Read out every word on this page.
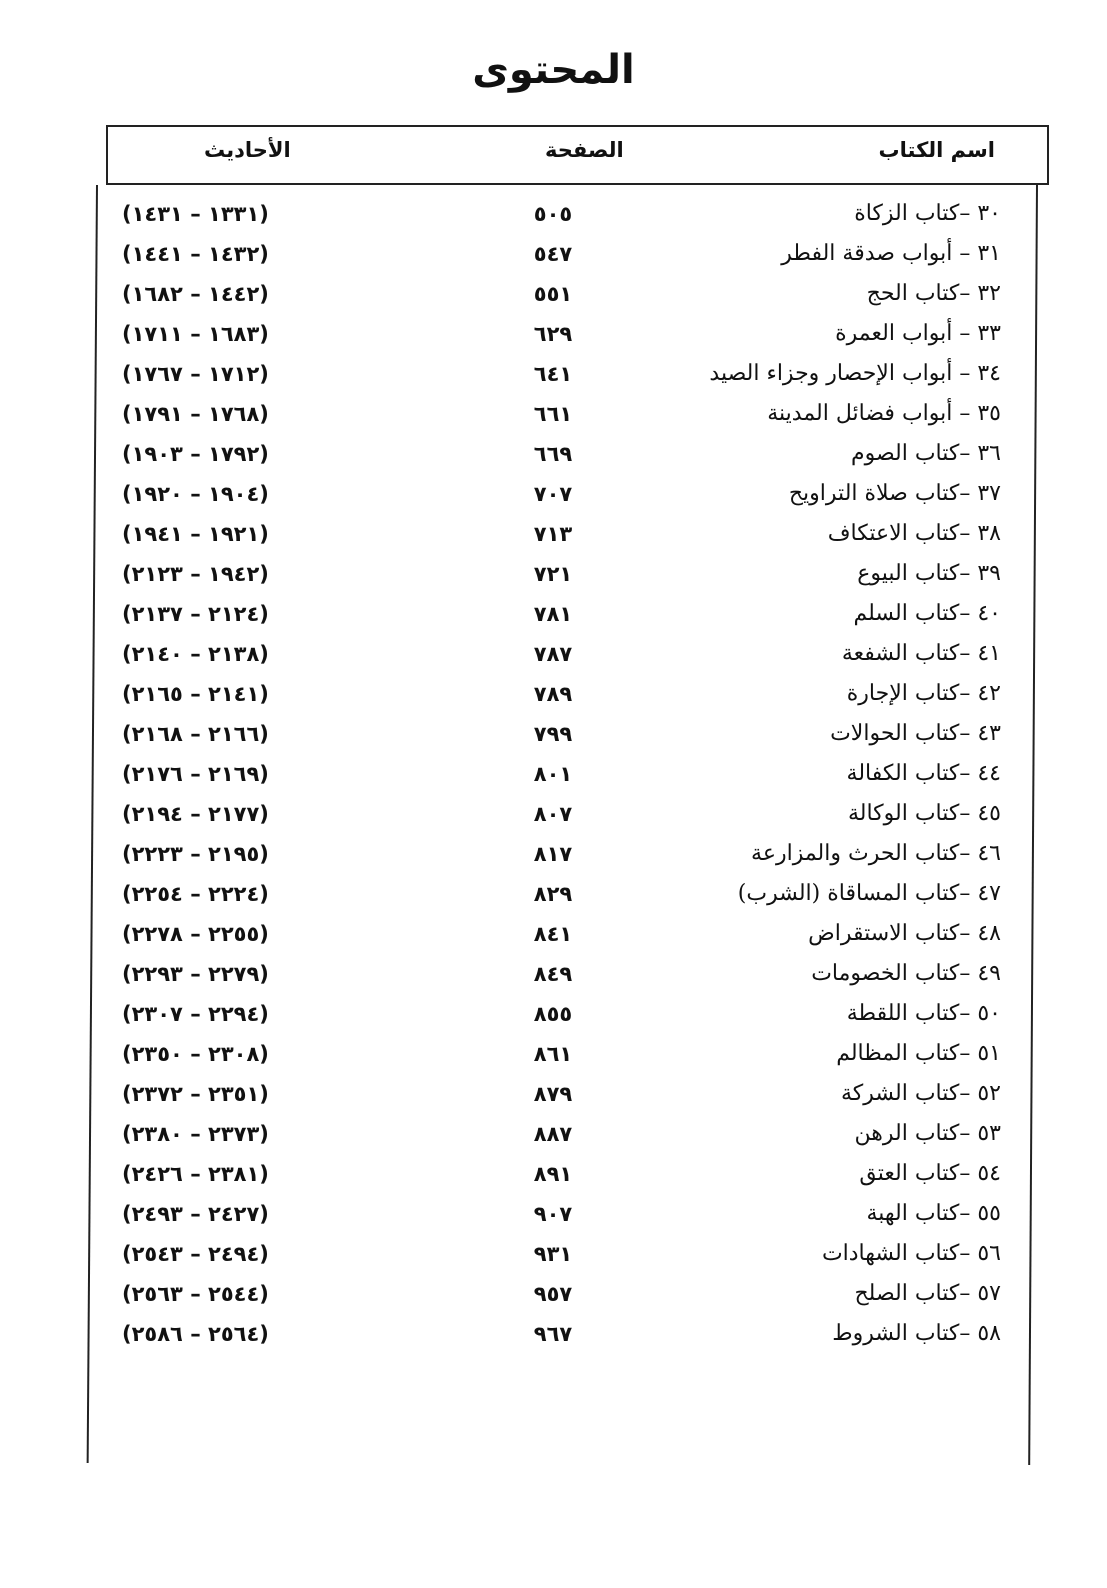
المحتوى
اسم الكتاب
الصفحة
الأحاديث
٣٠ –كتاب الزكاة
٥٠٥
(١٣٣١ – ١٤٣١)
٣١ – أبواب صدقة الفطر
٥٤٧
(١٤٣٢ – ١٤٤١)
٣٢ –كتاب الحج
٥٥١
(١٤٤٢ – ١٦٨٢)
٣٣ – أبواب العمرة
٦٢٩
(١٦٨٣ – ١٧١١)
٣٤ – أبواب الإحصار وجزاء الصيد
٦٤١
(١٧١٢ – ١٧٦٧)
٣٥ – أبواب فضائل المدينة
٦٦١
(١٧٦٨ – ١٧٩١)
٣٦ –كتاب الصوم
٦٦٩
(١٧٩٢ – ١٩٠٣)
٣٧ –كتاب صلاة التراويح
٧٠٧
(١٩٠٤ – ١٩٢٠)
٣٨ –كتاب الاعتكاف
٧١٣
(١٩٢١ – ١٩٤١)
٣٩ –كتاب البيوع
٧٢١
(١٩٤٢ – ٢١٢٣)
٤٠ –كتاب السلم
٧٨١
(٢١٢٤ – ٢١٣٧)
٤١ –كتاب الشفعة
٧٨٧
(٢١٣٨ – ٢١٤٠)
٤٢ –كتاب الإجارة
٧٨٩
(٢١٤١ – ٢١٦٥)
٤٣ –كتاب الحوالات
٧٩٩
(٢١٦٦ – ٢١٦٨)
٤٤ –كتاب الكفالة
٨٠١
(٢١٦٩ – ٢١٧٦)
٤٥ –كتاب الوكالة
٨٠٧
(٢١٧٧ – ٢١٩٤)
٤٦ –كتاب الحرث والمزارعة
٨١٧
(٢١٩٥ – ٢٢٢٣)
٤٧ –كتاب المساقاة (الشرب)
٨٢٩
(٢٢٢٤ – ٢٢٥٤)
٤٨ –كتاب الاستقراض
٨٤١
(٢٢٥٥ – ٢٢٧٨)
٤٩ –كتاب الخصومات
٨٤٩
(٢٢٧٩ – ٢٢٩٣)
٥٠ –كتاب اللقطة
٨٥٥
(٢٢٩٤ – ٢٣٠٧)
٥١ –كتاب المظالم
٨٦١
(٢٣٠٨ – ٢٣٥٠)
٥٢ –كتاب الشركة
٨٧٩
(٢٣٥١ – ٢٣٧٢)
٥٣ –كتاب الرهن
٨٨٧
(٢٣٧٣ – ٢٣٨٠)
٥٤ –كتاب العتق
٨٩١
(٢٣٨١ – ٢٤٢٦)
٥٥ –كتاب الهبة
٩٠٧
(٢٤٢٧ – ٢٤٩٣)
٥٦ –كتاب الشهادات
٩٣١
(٢٤٩٤ – ٢٥٤٣)
٥٧ –كتاب الصلح
٩٥٧
(٢٥٤٤ – ٢٥٦٣)
٥٨ –كتاب الشروط
٩٦٧
(٢٥٦٤ – ٢٥٨٦)
